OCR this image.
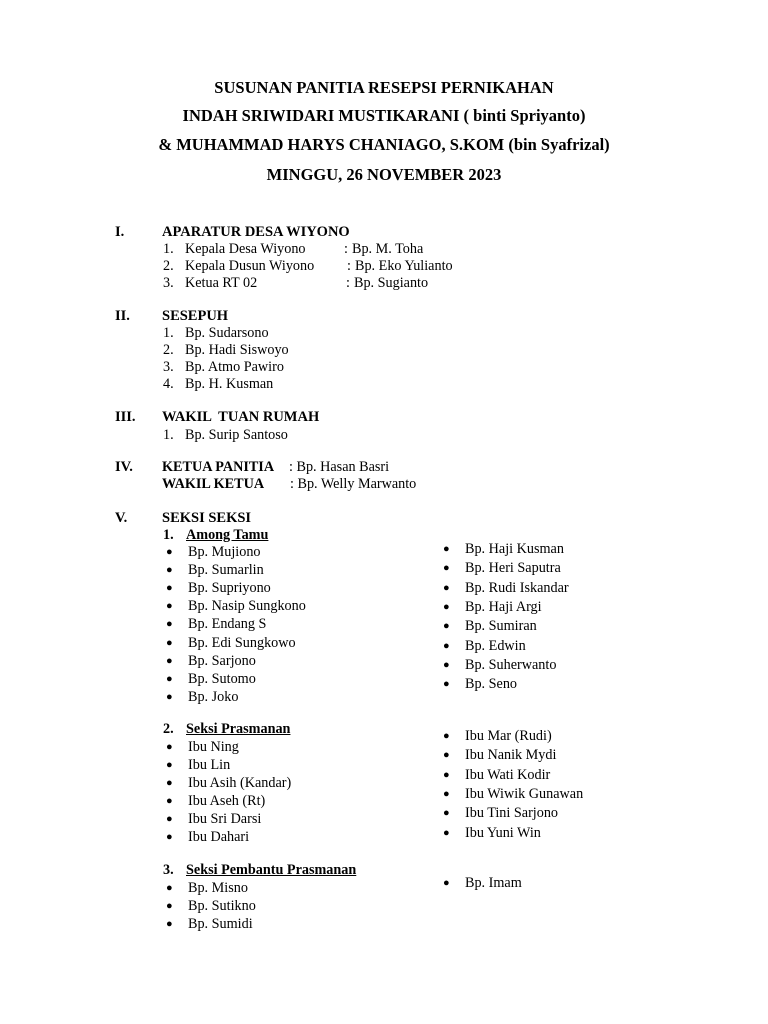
SUSUNAN PANITIA RESEPSI PERNIKAHAN
INDAH SRIWIDARI MUSTIKARANI ( binti Spriyanto)
& MUHAMMAD HARYS CHANIAGO, S.KOM (bin Syafrizal)
MINGGU, 26 NOVEMBER 2023
I.	APARATUR DESA WIYONO
1. Kepala Desa Wiyono	: Bp. M. Toha
2. Kepala Dusun Wiyono : Bp. Eko Yulianto
3. Ketua RT 02	: Bp. Sugianto
II. SESEPUH
1. Bp. Sudarsono
2. Bp. Hadi Siswoyo
3. Bp. Atmo Pawiro
4. Bp. H. Kusman
III. WAKIL  TUAN RUMAH
1. Bp. Surip Santoso
IV. KETUA PANITIA : Bp. Hasan Basri
WAKIL KETUA : Bp. Welly Marwanto
V. SEKSI SEKSI
1. Among Tamu
2. Seksi Prasmanan
3. Seksi Pembantu Prasmanan
● Bp. Mujiono
● Bp. Sumarlin
● Bp. Supriyono
● Bp. Nasip Sungkono
● Bp. Endang S
● Bp. Edi Sungkowo
● Bp. Sarjono
● Bp. Sutomo
● Bp. Joko
● Bp. Haji Kusman
● Bp. Heri Saputra
● Bp. Rudi Iskandar
● Bp. Haji Argi
● Bp. Sumiran
● Bp. Edwin
● Bp. Suherwanto
● Bp. Seno
● Ibu Ning
● Ibu Lin
● Ibu Asih (Kandar)
● Ibu Aseh (Rt)
● Ibu Sri Darsi
● Ibu Dahari
● Ibu Mar (Rudi)
● Ibu Nanik Mydi
● Ibu Wati Kodir
● Ibu Wiwik Gunawan
● Ibu Tini Sarjono
● Ibu Yuni Win
● Bp. Misno
● Bp. Sutikno
● Bp. Sumidi
● Bp. Imam
